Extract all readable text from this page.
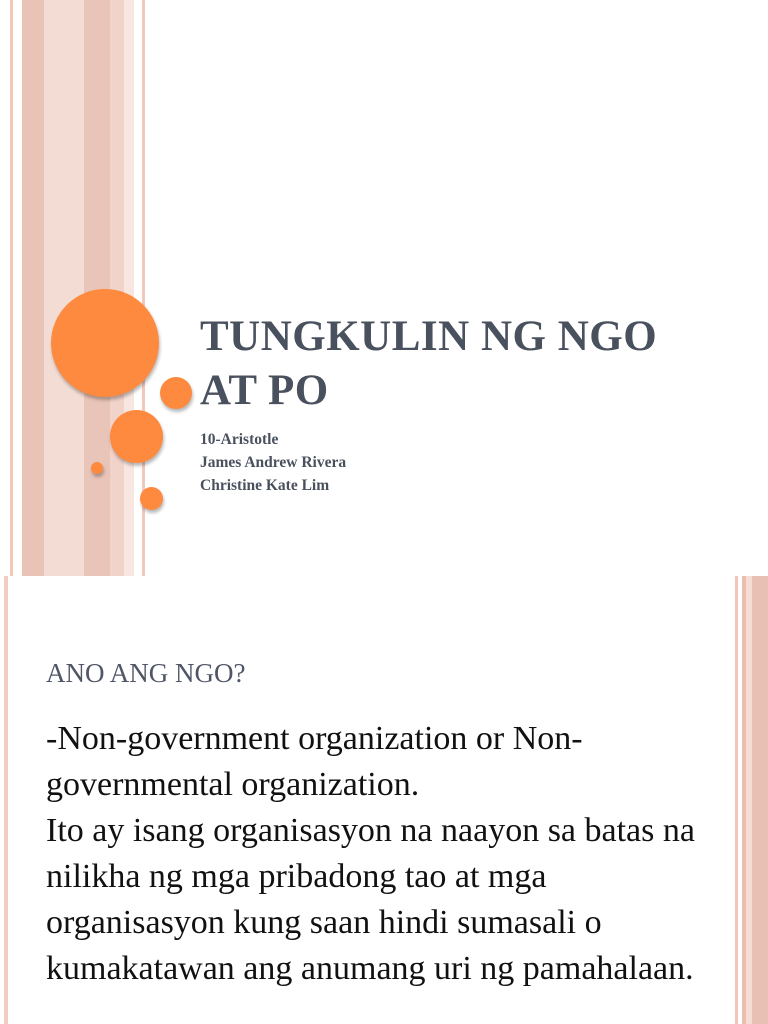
TUNGKULIN NG NGO
AT PO
10-Aristotle
James Andrew Rivera
Christine Kate Lim
ANO ANG NGO?

-Non-government organization or Non-governmental organization.

Ito ay isang organisasyon na naayon sa batas na nilikha ng mga pribadong tao at mga organisasyon kung saan hindi sumasali o kumakatawan ang anumang uri ng pamahalaan.
